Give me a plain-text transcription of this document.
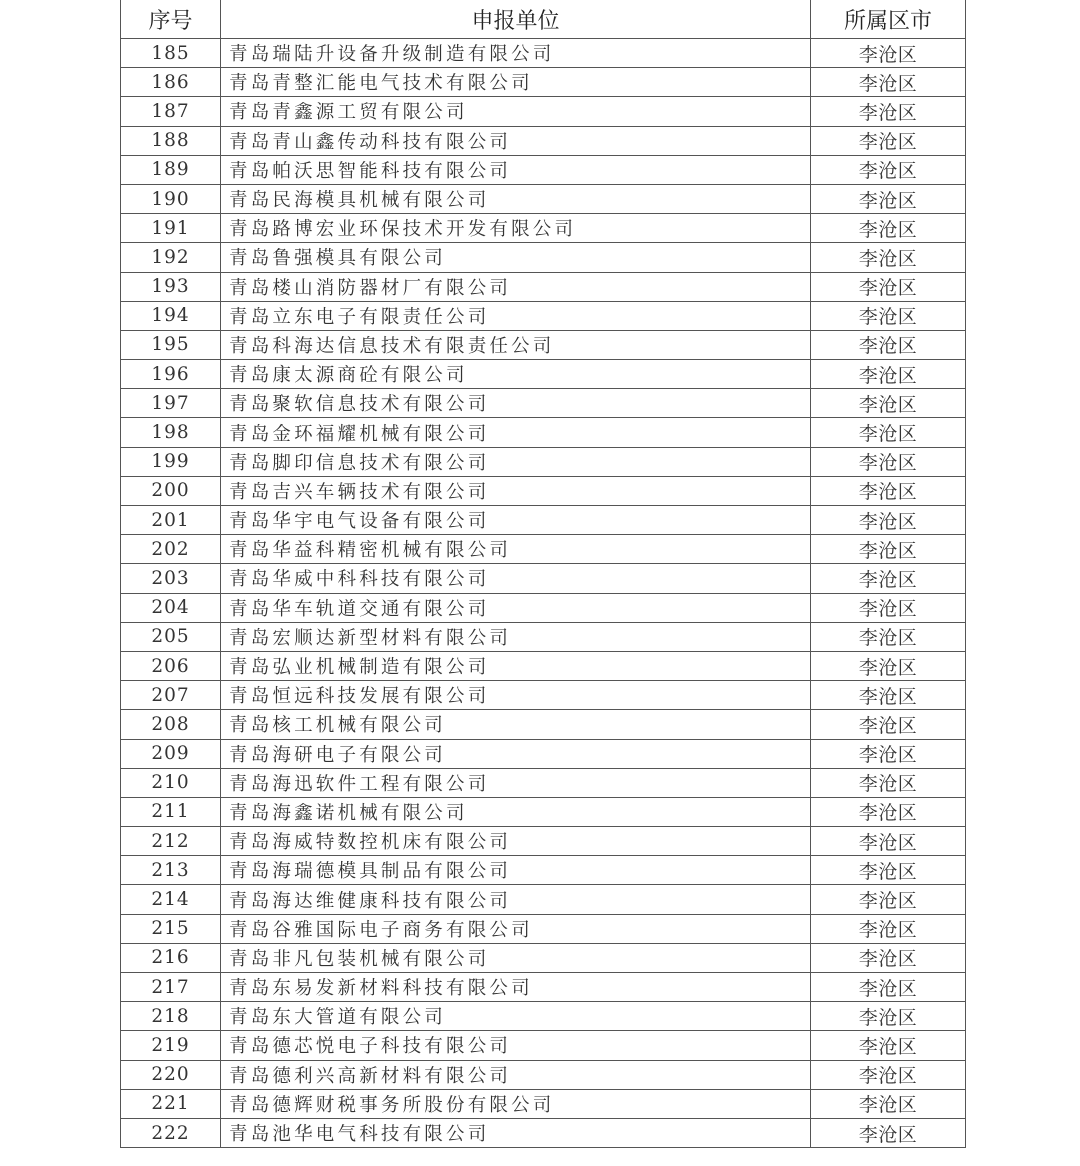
序号	申报单位	所属区市
185	青岛瑞陆升设备升级制造有限公司	李沧区
186	青岛青整汇能电气技术有限公司	李沧区
187	青岛青鑫源工贸有限公司	李沧区
188	青岛青山鑫传动科技有限公司	李沧区
189	青岛帕沃思智能科技有限公司	李沧区
190	青岛民海模具机械有限公司	李沧区
191	青岛路博宏业环保技术开发有限公司	李沧区
192	青岛鲁强模具有限公司	李沧区
193	青岛楼山消防器材厂有限公司	李沧区
194	青岛立东电子有限责任公司	李沧区
195	青岛科海达信息技术有限责任公司	李沧区
196	青岛康太源商砼有限公司	李沧区
197	青岛聚软信息技术有限公司	李沧区
198	青岛金环福耀机械有限公司	李沧区
199	青岛脚印信息技术有限公司	李沧区
200	青岛吉兴车辆技术有限公司	李沧区
201	青岛华宇电气设备有限公司	李沧区
202	青岛华益科精密机械有限公司	李沧区
203	青岛华威中科科技有限公司	李沧区
204	青岛华车轨道交通有限公司	李沧区
205	青岛宏顺达新型材料有限公司	李沧区
206	青岛弘业机械制造有限公司	李沧区
207	青岛恒远科技发展有限公司	李沧区
208	青岛核工机械有限公司	李沧区
209	青岛海研电子有限公司	李沧区
210	青岛海迅软件工程有限公司	李沧区
211	青岛海鑫诺机械有限公司	李沧区
212	青岛海威特数控机床有限公司	李沧区
213	青岛海瑞德模具制品有限公司	李沧区
214	青岛海达维健康科技有限公司	李沧区
215	青岛谷雅国际电子商务有限公司	李沧区
216	青岛非凡包装机械有限公司	李沧区
217	青岛东易发新材料科技有限公司	李沧区
218	青岛东大管道有限公司	李沧区
219	青岛德芯悦电子科技有限公司	李沧区
220	青岛德利兴高新材料有限公司	李沧区
221	青岛德辉财税事务所股份有限公司	李沧区
222	青岛池华电气科技有限公司	李沧区
